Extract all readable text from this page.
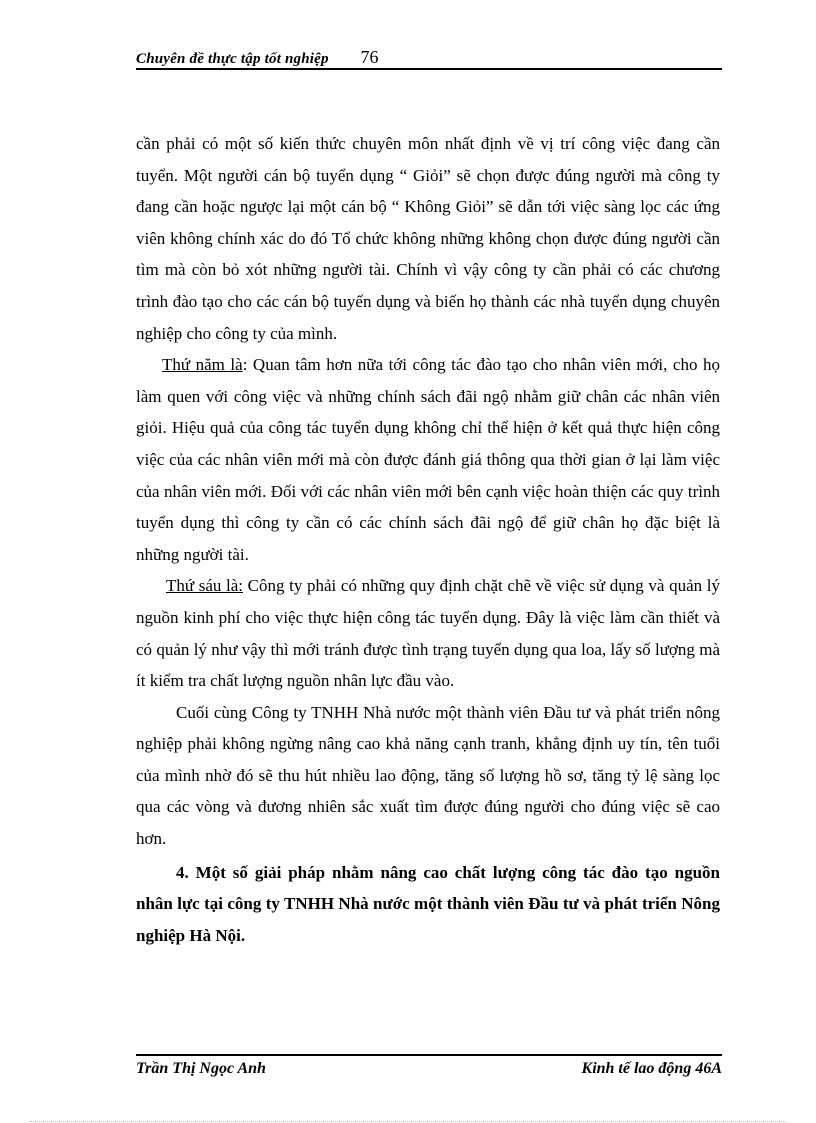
Chuyên đề thực tập tốt nghiệp 76

cần phải có một số kiến thức chuyên môn nhất định về vị trí công việc đang cần tuyển. Một người cán bộ tuyển dụng “ Giỏi” sẽ chọn được đúng người mà công ty đang cần hoặc ngược lại một cán bộ “ Không Giỏi” sẽ dẫn tới việc sàng lọc các ứng viên không chính xác do đó Tổ chức không những không chọn được đúng người cần tìm mà còn bỏ xót những người tài. Chính vì vậy công ty cần phải có các chương trình đào tạo cho các cán bộ tuyển dụng và biến họ thành các nhà tuyển dụng chuyên nghiệp cho công ty của mình.

Thứ năm là: Quan tâm hơn nữa tới công tác đào tạo cho nhân viên mới, cho họ làm quen với công việc và những chính sách đãi ngộ nhằm giữ chân các nhân viên giỏi. Hiệu quả của công tác tuyển dụng không chỉ thể hiện ở kết quả thực hiện công việc của các nhân viên mới mà còn được đánh giá thông qua thời gian ở lại làm việc của nhân viên mới. Đối với các nhân viên mới bên cạnh việc hoàn thiện các quy trình tuyển dụng thì công ty cần có các chính sách đãi ngộ để giữ chân họ đặc biệt là những người tài.

Thứ sáu là: Công ty phải có những quy định chặt chẽ về việc sử dụng và quản lý nguồn kinh phí cho việc thực hiện công tác tuyển dụng. Đây là việc làm cần thiết và có quản lý như vậy thì mới tránh được tình trạng tuyển dụng qua loa, lấy số lượng mà ít kiểm tra chất lượng nguồn nhân lực đầu vào.

Cuối cùng Công ty TNHH Nhà nước một thành viên Đầu tư và phát triển nông nghiệp phải không ngừng nâng cao khả năng cạnh tranh, khẳng định uy tín, tên tuổi của mình nhờ đó sẽ thu hút nhiều lao động, tăng số lượng hồ sơ, tăng tỷ lệ sàng lọc qua các vòng và đương nhiên sắc xuất tìm được đúng người cho đúng việc sẽ cao hơn.

4. Một số giải pháp nhằm nâng cao chất lượng công tác đào tạo nguồn nhân lực tại công ty TNHH Nhà nước một thành viên Đầu tư và phát triển Nông nghiệp Hà Nội.

Trần Thị Ngọc Anh	Kinh tế lao động 46A
